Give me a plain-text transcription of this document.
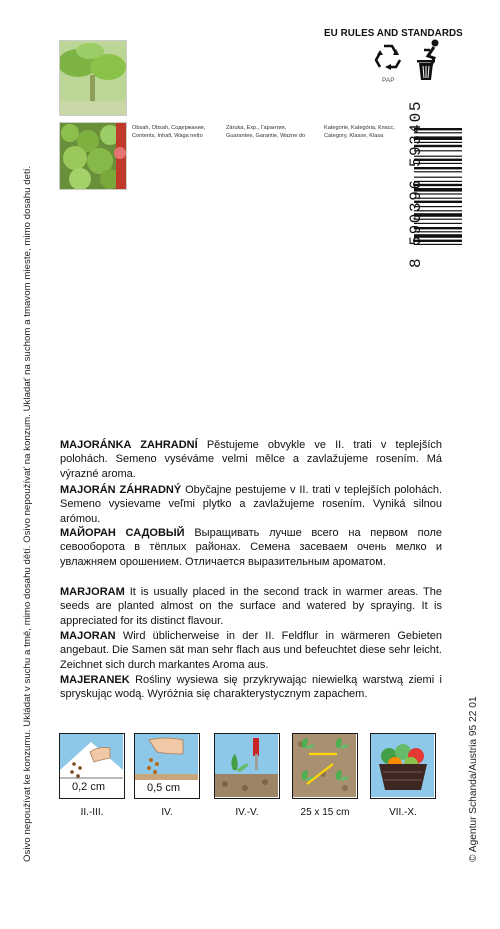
Osivo nepoužívat ke konzumu. Ukládat v suchu a tmě, mimo dosahu dětí. Osivo nepoužívať na konzum. Ukladať na suchom a tmavom mieste, mimo dosahu detí.	© Agentur Schanda/Austria 95 22 01
EU RULES AND STANDARDS
PAP
Obsah, Obsah, Содержание,
Contents, Inhalt, Waga netto
Záruka, Exp., Гарантия,
Guarantee, Garantie, Ważne do
Kategorie, Kategória, Класс,
Category, Klasse, Klasa	8 590396 593405
MAJORÁNKA ZAHRADNÍ Pěstujeme obvykle ve II. trati v teplejších polohách. Semeno vyséváme velmi mělce a zavlažujeme rosením. Má výrazné aroma.
MAJORÁN ZÁHRADNÝ Obyčajne pestujeme v II. trati v teplejších polohách. Semeno vysievame veľmi plytko a zavlažujeme rosením. Vyniká silnou arómou.
МАЙОРАН САДОВЫЙ Выращивать лучше всего на первом поле севооборота в тёплых районах. Семена засеваем очень мелко и увлажняем орошением. Отличается выразительным ароматом.
MARJORAM It is usually placed in the second track in warmer areas. The seeds are planted almost on the surface and watered by spraying. It is appreciated for its distinct flavour.
MAJORAN Wird üblicherweise in der II. Feldflur in wärmeren Gebieten angebaut. Die Samen sät man sehr flach aus und befeuchtet diese sehr leicht. Zeichnet sich durch markantes Aroma aus.
MAJERANEK Rośliny wysiewa się przykrywając niewielką warstwą ziemi i spryskując wodą. Wyróżnia się charakterystycznym zapachem.
0,2 cm	0,5 cm
II.-III.	IV.	IV.-V.	25 x 15 cm	VII.-X.
